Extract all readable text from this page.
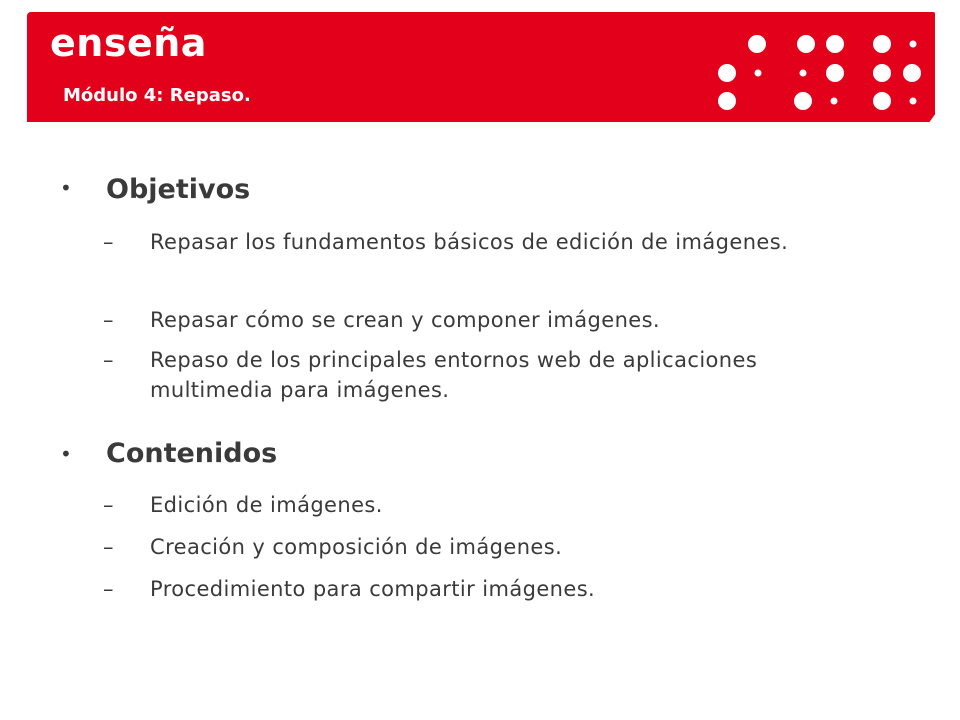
enseña
Módulo 4: Repaso.
• Objetivos
– Repasar los fundamentos básicos de edición de imágenes.
– Repasar cómo se crean y componer imágenes.
– Repaso de los principales entornos web de aplicaciones multimedia para imágenes.
• Contenidos
– Edición de imágenes.
– Creación y composición de imágenes.
– Procedimiento para compartir imágenes.
